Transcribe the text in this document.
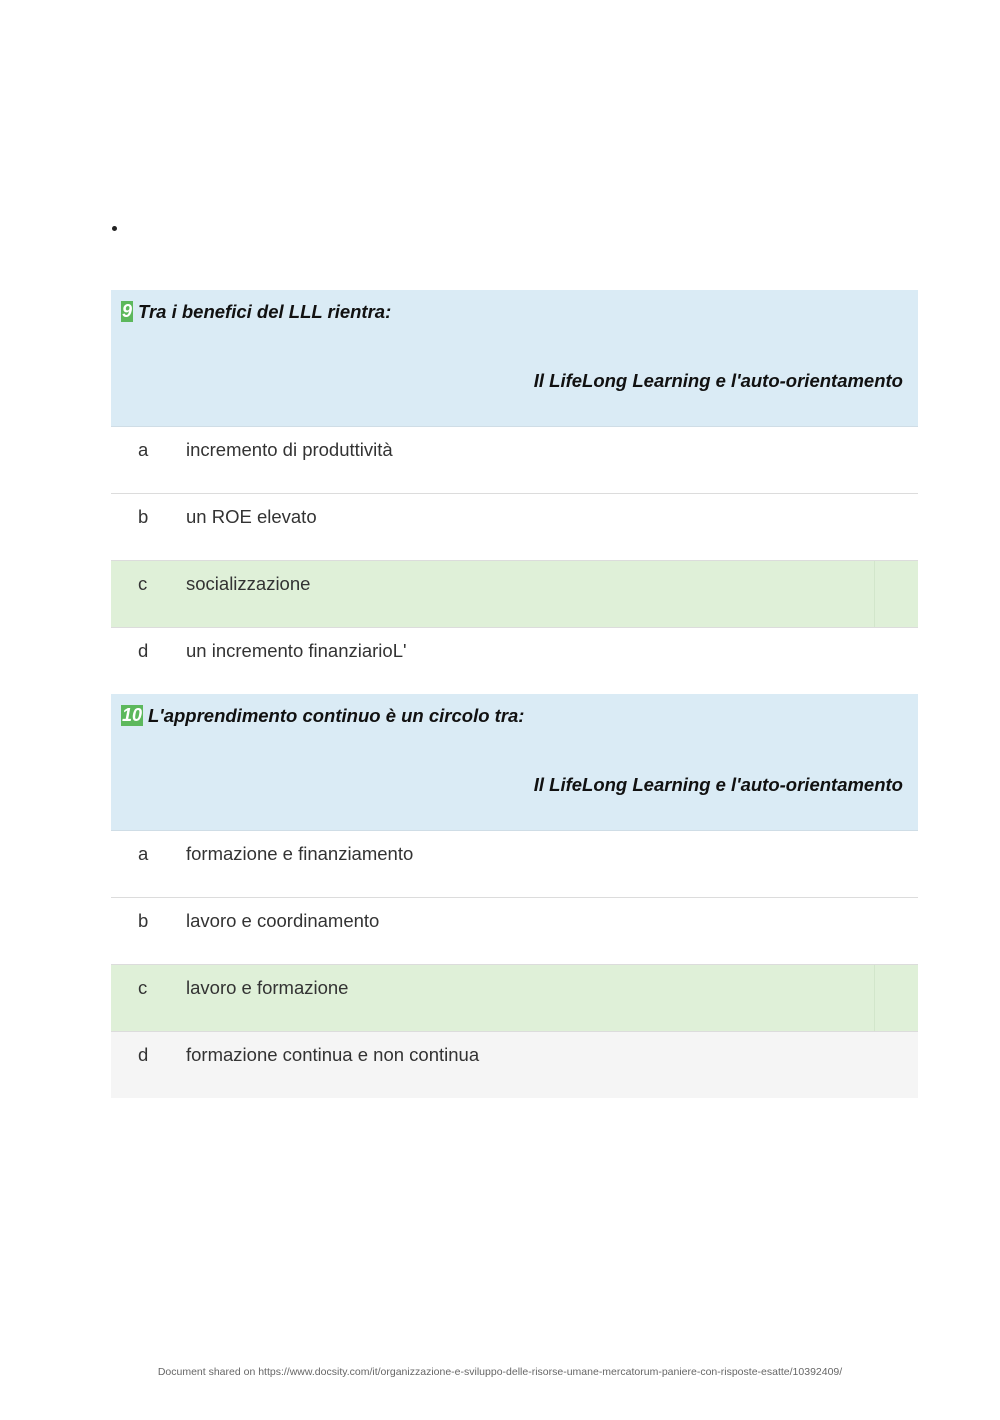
9 Tra i benefici del LLL rientra:
Il LifeLong Learning e l'auto-orientamento
a incremento di produttività
b un ROE elevato
c socializzazione
d un incremento finanziarioL'
10 L'apprendimento continuo è un circolo tra:
Il LifeLong Learning e l'auto-orientamento
a formazione e finanziamento
b lavoro e coordinamento
c lavoro e formazione
d formazione continua e non continua
Document shared on https://www.docsity.com/it/organizzazione-e-sviluppo-delle-risorse-umane-mercatorum-paniere-con-risposte-esatte/10392409/
